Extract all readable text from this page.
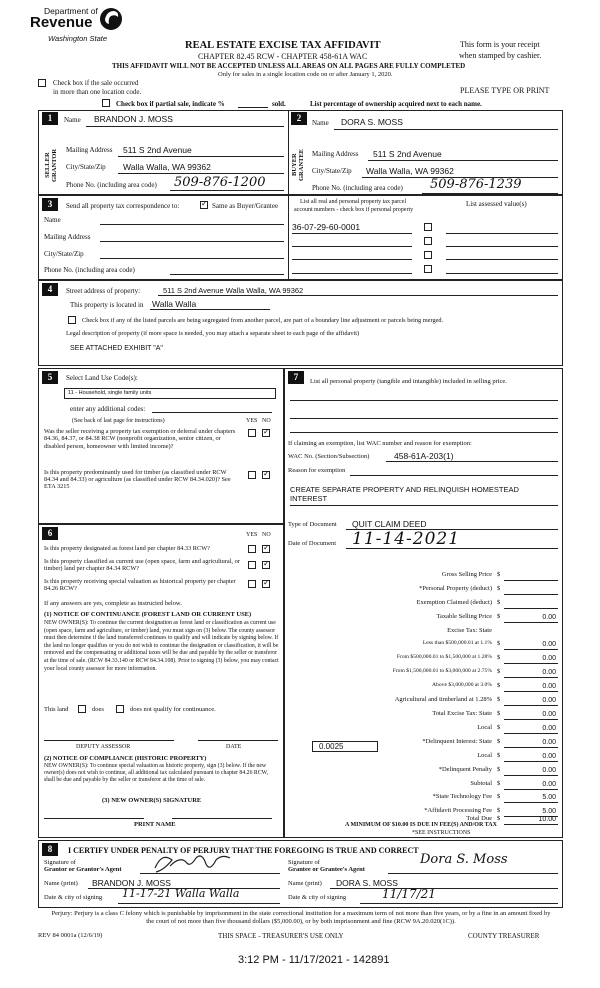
Department of
Revenue
Washington State
REAL ESTATE EXCISE TAX AFFIDAVIT
CHAPTER 82.45 RCW - CHAPTER 458-61A WAC
This form is your receipt
when stamped by cashier.
THIS AFFIDAVIT WILL NOT BE ACCEPTED UNLESS ALL AREAS ON ALL PAGES ARE FULLY COMPLETED
Only for sales in a single location code on or after January 1, 2020.
Check box if the sale occurred
in more than one location code.	PLEASE TYPE OR PRINT
Check box if partial sale, indicate %	sold.	List percentage of ownership acquired next to each name.
1
SELLER GRANTOR
Name BRANDON J. MOSS
Mailing Address 511 S 2nd Avenue
City/State/Zip Walla Walla, WA 99362
Phone No. (including area code) 509-876-1200
2
BUYER GRANTEE
Name DORA S. MOSS
Mailing Address 511 S 2nd Avenue
City/State/Zip Walla Walla, WA 99362
Phone No. (including area code) 509-876-1239
3	Send all property tax correspondence to:
✓	Same as Buyer/Grantee
Name
Mailing Address
City/State/Zip
Phone No. (including area code)
List all real and personal property tax parcel
account numbers - check box if personal property
List assessed value(s)
36-07-29-60-0001
4	Street address of property:	511 S 2nd Avenue Walla Walla, WA 99362
This property is located in Walla Walla
Check box if any of the listed parcels are being segregated from another parcel, are part of a boundary line adjustment or parcels being merged.
Legal description of property (if more space is needed, you may attach a separate sheet to each page of the affidavit)
SEE ATTACHED EXHIBIT "A"
5	Select Land Use Code(s):
11 - Household, single family units
enter any additional codes:
(See back of last page for instructions)	YES NO
Was the seller receiving a property tax exemption or deferral under chapters 84.36, 84.37, or 84.38 RCW (nonprofit organization, senior citizen, or disabled person, homeowner with limited income)?
✓
Is this property predominantly used for timber (as classified under RCW 84.34 and 84.33) or agriculture (as classified under RCW 84.34.020)? See ETA 3215
✓
6	YES NO
Is this property designated as forest land per chapter 84.33 RCW?
✓
Is this property classified as current use (open space, farm and agricultural, or timber) land per chapter 84.34 RCW?
✓
Is this property receiving special valuation as historical property per chapter 84.26 RCW?
✓
If any answers are yes, complete as instructed below.
(1) NOTICE OF CONTINUANCE (FOREST LAND OR CURRENT USE)
NEW OWNER(S): To continue the current designation as forest land or classification as current use (open space, farm and agriculture, or timber) land, you must sign on (3) below. The county assessor must then determine if the land transferred continues to qualify and will indicate by signing below. If the land no longer qualifies or you do not wish to continue the designation or classification, it will be removed and the compensating or additional taxes will be due and payable by the seller or transferor at the time of sale. (RCW 84.33.140 or RCW 84.34.108). Prior to signing (3) below, you may contact your local county assessor for more information.
This land	does	does not qualify for continuance.
DEPUTY ASSESSOR	DATE
(2) NOTICE OF COMPLIANCE (HISTORIC PROPERTY)
NEW OWNER(S): To continue special valuation as historic property, sign (3) below. If the new owner(s) does not wish to continue, all additional tax calculated pursuant to chapter 84.26 RCW, shall be due and payable by the seller or transferor at the time of sale.
(3) NEW OWNER(S) SIGNATURE
PRINT NAME
7	List all personal property (tangible and intangible) included in selling price.
If claiming an exemption, list WAC number and reason for exemption:
WAC No. (Section/Subsection)	458-61A-203(1)
Reason for exemption
CREATE SEPARATE PROPERTY AND RELINQUISH HOMESTEAD INTEREST
Type of Document QUIT CLAIM DEED
Date of Document 11-14-2021
Gross Selling Price $
*Personal Property (deduct) $
Exemption Claimed (deduct) $
Taxable Selling Price $	0.00
Excise Tax: State
Less than $500,000.01 at 1.1% $	0.00
From $500,000.01 to $1,500,000 at 1.28% $	0.00
From $1,500,000.01 to $3,000,000 at 2.75% $	0.00
Above $3,000,000 at 3.0% $	0.00
Agricultural and timberland at 1.28% $	0.00
Total Excise Tax: State $	0.00
Local $	0.00
*Delinquent Interest: State $	0.00
Local $	0.00
*Delinquent Penalty $	0.00
Subtotal $	0.00
*State Technology Fee $	5.00
*Affidavit Processing Fee $	5.00
Total Due $	10.00
0.0025
A MINIMUM OF $10.00 IS DUE IN FEE(S) AND/OR TAX
*SEE INSTRUCTIONS
8	I CERTIFY UNDER PENALTY OF PERJURY THAT THE FOREGOING IS TRUE AND CORRECT
Signature of
Grantor or Grantor's Agent
Signature of
Grantee or Grantee's Agent
Dora S. Moss
Name (print) BRANDON J. MOSS	Name (print) DORA S. MOSS
Date & city of signing 11-17-21 Walla Walla	Date & city of signing	11/17/21
Perjury: Perjury is a class C felony which is punishable by imprisonment in the state correctional institution for a maximum term of not more than five years, or by a fine in an amount fixed by the court of not more than five thousand dollars ($5,000.00), or by both imprisonment and fine (RCW 9A.20.020(1C)).
REV 84 0001a (12/6/19)	THIS SPACE - TREASURER'S USE ONLY	COUNTY TREASURER
3:12 PM - 11/17/2021 - 142891
